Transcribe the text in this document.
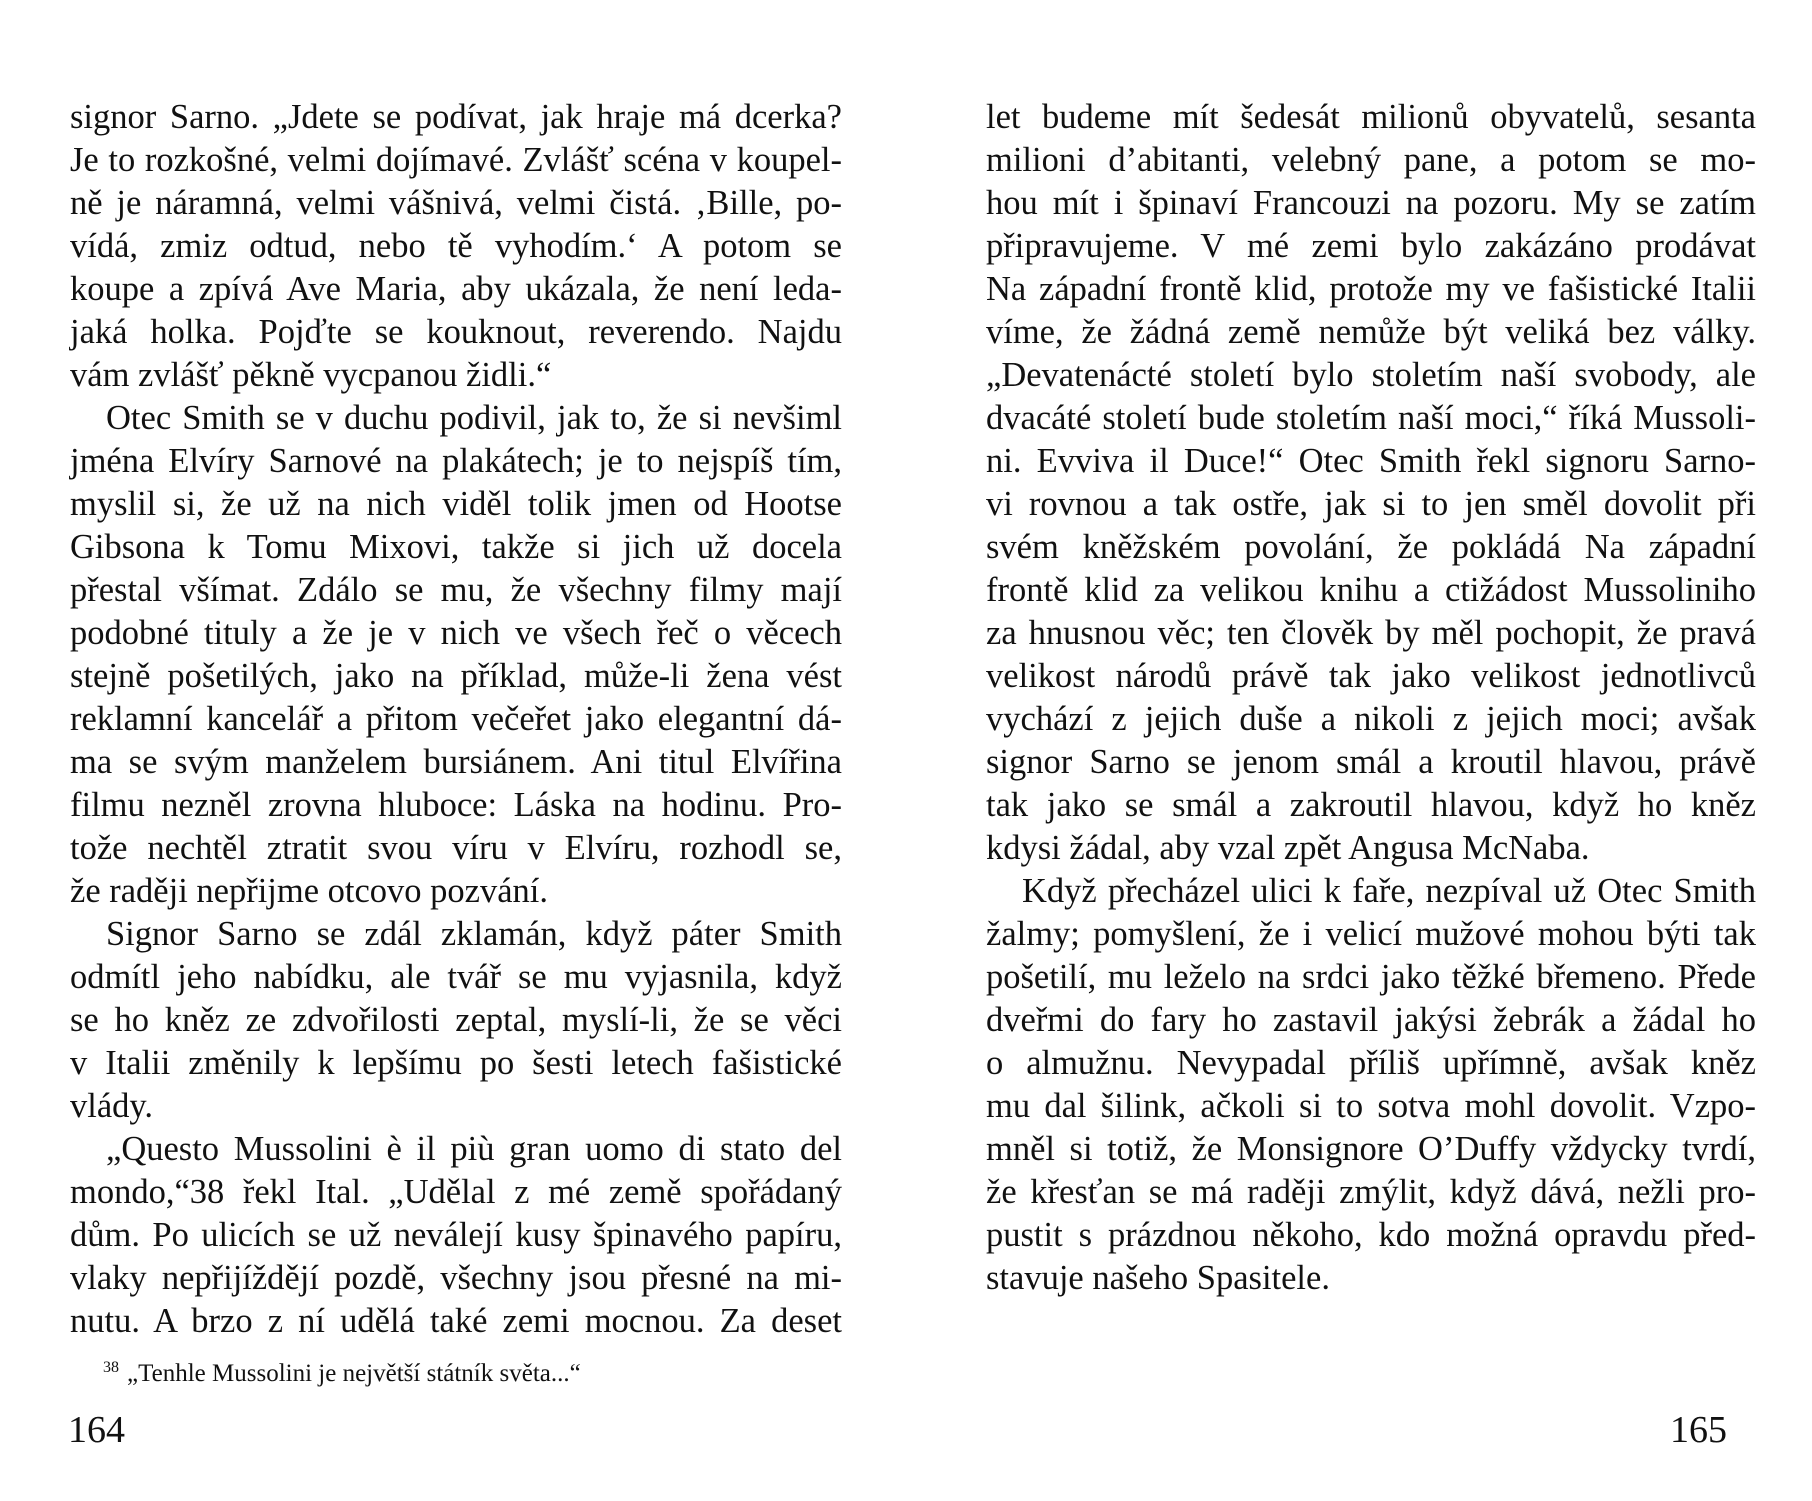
signor Sarno. „Jdete se podívat, jak hraje má dcerka?
Je to rozkošné, velmi dojímavé. Zvlášť scéna v koupel-
ně je náramná, velmi vášnivá, velmi čistá. ‚Bille, po-
vídá, zmiz odtud, nebo tě vyhodím.‘ A potom se
koupe a zpívá Ave Maria, aby ukázala, že není leda-
jaká holka. Pojďte se kouknout, reverendo. Najdu
vám zvlášť pěkně vycpanou židli.“
Otec Smith se v duchu podivil, jak to, že si nevšiml
jména Elvíry Sarnové na plakátech; je to nejspíš tím,
myslil si, že už na nich viděl tolik jmen od Hootse
Gibsona k Tomu Mixovi, takže si jich už docela
přestal všímat. Zdálo se mu, že všechny filmy mají
podobné tituly a že je v nich ve všech řeč o věcech
stejně pošetilých, jako na příklad, může-li žena vést
reklamní kancelář a přitom večeřet jako elegantní dá-
ma se svým manželem bursiánem. Ani titul Elvířina
filmu nezněl zrovna hluboce: Láska na hodinu. Pro-
tože nechtěl ztratit svou víru v Elvíru, rozhodl se,
že raději nepřijme otcovo pozvání.
Signor Sarno se zdál zklamán, když páter Smith
odmítl jeho nabídku, ale tvář se mu vyjasnila, když
se ho kněz ze zdvořilosti zeptal, myslí-li, že se věci
v Italii změnily k lepšímu po šesti letech fašistické
vlády.
„Questo Mussolini è il più gran uomo di stato del
mondo,“38 řekl Ital. „Udělal z mé země spořádaný
dům. Po ulicích se už neválejí kusy špinavého papíru,
vlaky nepřijíždějí pozdě, všechny jsou přesné na mi-
nutu. A brzo z ní udělá také zemi mocnou. Za deset
$^{38}$ „Tenhle Mussolini je největší státník světa...“
164
let budeme mít šedesát milionů obyvatelů, sesanta
milioni d’abitanti, velebný pane, a potom se mo-
hou mít i špinaví Francouzi na pozoru. My se zatím
připravujeme. V mé zemi bylo zakázáno prodávat
Na západní frontě klid, protože my ve fašistické Italii
víme, že žádná země nemůže být veliká bez války.
„Devatenácté století bylo stoletím naší svobody, ale
dvacáté století bude stoletím naší moci,“ říká Mussoli-
ni. Evviva il Duce!“ Otec Smith řekl signoru Sarno-
vi rovnou a tak ostře, jak si to jen směl dovolit při
svém kněžském povolání, že pokládá Na západní
frontě klid za velikou knihu a ctižádost Mussoliniho
za hnusnou věc; ten člověk by měl pochopit, že pravá
velikost národů právě tak jako velikost jednotlivců
vychází z jejich duše a nikoli z jejich moci; avšak
signor Sarno se jenom smál a kroutil hlavou, právě
tak jako se smál a zakroutil hlavou, když ho kněz
kdysi žádal, aby vzal zpět Angusa McNaba.
Když přecházel ulici k faře, nezpíval už Otec Smith
žalmy; pomyšlení, že i velicí mužové mohou býti tak
pošetilí, mu leželo na srdci jako těžké břemeno. Přede
dveřmi do fary ho zastavil jakýsi žebrák a žádal ho
o almužnu. Nevypadal příliš upřímně, avšak kněz
mu dal šilink, ačkoli si to sotva mohl dovolit. Vzpo-
mněl si totiž, že Monsignore O’Duffy vždycky tvrdí,
že křesťan se má raději zmýlit, když dává, nežli pro-
pustit s prázdnou někoho, kdo možná opravdu před-
stavuje našeho Spasitele.
165
